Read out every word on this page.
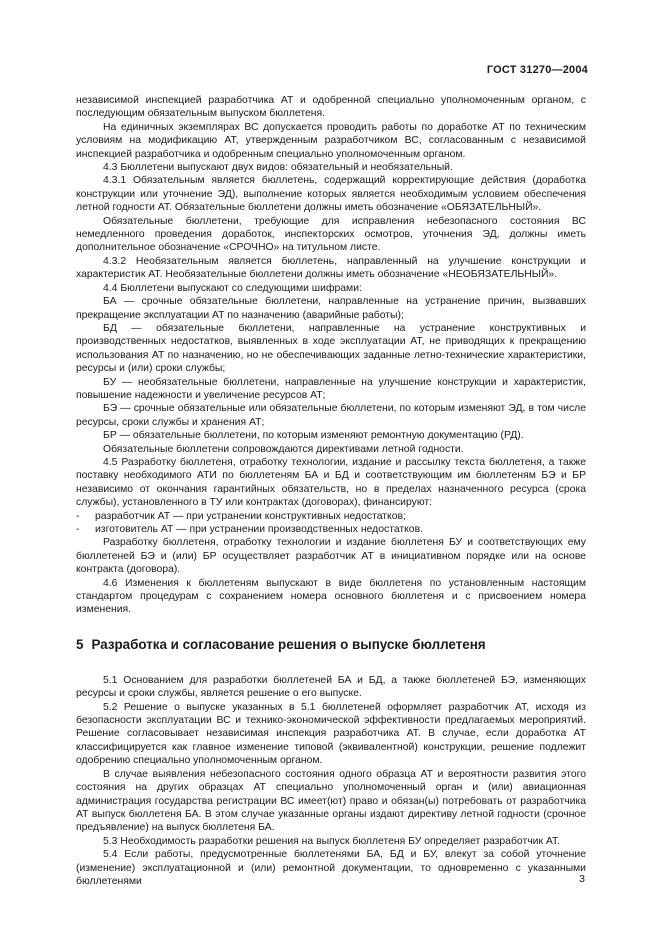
ГОСТ 31270—2004

независимой инспекцией разработчика АТ и одобренной специально уполномоченным органом, с последующим обязательным выпуском бюллетеня.

На единичных экземплярах ВС допускается проводить работы по доработке АТ по техническим условиям на модификацию АТ, утвержденным разработчиком ВС, согласованным с независимой инспекцией разработчика и одобренным специально уполномоченным органом.

4.3 Бюллетени выпускают двух видов: обязательный и необязательный.

4.3.1 Обязательным является бюллетень, содержащий корректирующие действия (доработка конструкции или уточнение ЭД), выполнение которых является необходимым условием обеспечения летной годности АТ. Обязательные бюллетени должны иметь обозначение «ОБЯЗАТЕЛЬНЫЙ».

Обязательные бюллетени, требующие для исправления небезопасного состояния ВС немедленного проведения доработок, инспекторских осмотров, уточнения ЭД, должны иметь дополнительное обозначение «СРОЧНО» на титульном листе.

4.3.2 Необязательным является бюллетень, направленный на улучшение конструкции и характеристик АТ. Необязательные бюллетени должны иметь обозначение «НЕОБЯЗАТЕЛЬНЫЙ».

4.4 Бюллетени выпускают со следующими шифрами:

БА — срочные обязательные бюллетени, направленные на устранение причин, вызвавших прекращение эксплуатации АТ по назначению (аварийные работы);

БД — обязательные бюллетени, направленные на устранение конструктивных и производственных недостатков, выявленных в ходе эксплуатации АТ, не приводящих к прекращению использования АТ по назначению, но не обеспечивающих заданные летно-технические характеристики, ресурсы и (или) сроки службы;

БУ — необязательные бюллетени, направленные на улучшение конструкции и характеристик, повышение надежности и увеличение ресурсов АТ;

БЭ — срочные обязательные или обязательные бюллетени, по которым изменяют ЭД, в том числе ресурсы, сроки службы и хранения АТ;

БР — обязательные бюллетени, по которым изменяют ремонтную документацию (РД).

Обязательные бюллетени сопровождаются директивами летной годности.

4.5 Разработку бюллетеня, отработку технологии, издание и рассылку текста бюллетеня, а также поставку необходимого АТИ по бюллетеням БА и БД и соответствующим им бюллетеням БЭ и БР независимо от окончания гарантийных обязательств, но в пределах назначенного ресурса (срока службы), установленного в ТУ или контрактах (договорах), финансируют:

- разработчик АТ — при устранении конструктивных недостатков;
- изготовитель АТ — при устранении производственных недостатков.

Разработку бюллетеня, отработку технологии и издание бюллетеня БУ и соответствующих ему бюллетеней БЭ и (или) БР осуществляет разработчик АТ в инициативном порядке или на основе контракта (договора).

4.6 Изменения к бюллетеням выпускают в виде бюллетеня по установленным настоящим стандартом процедурам с сохранением номера основного бюллетеня и с присвоением номера изменения.

5 Разработка и согласование решения о выпуске бюллетеня

5.1 Основанием для разработки бюллетеней БА и БД, а также бюллетеней БЭ, изменяющих ресурсы и сроки службы, является решение о его выпуске.

5.2 Решение о выпуске указанных в 5.1 бюллетеней оформляет разработчик АТ, исходя из безопасности эксплуатации ВС и технико-экономической эффективности предлагаемых мероприятий. Решение согласовывает независимая инспекция разработчика АТ. В случае, если доработка АТ классифицируется как главное изменение типовой (эквивалентной) конструкции, решение подлежит одобрению специально уполномоченным органом.

В случае выявления небезопасного состояния одного образца АТ и вероятности развития этого состояния на других образцах АТ специально уполномоченный орган и (или) авиационная администрация государства регистрации ВС имеет(ют) право и обязан(ы) потребовать от разработчика АТ выпуск бюллетеня БА. В этом случае указанные органы издают директиву летной годности (срочное предъявление) на выпуск бюллетеня БА.

5.3 Необходимость разработки решения на выпуск бюллетеня БУ определяет разработчик АТ.

5.4 Если работы, предусмотренные бюллетенями БА, БД и БУ, влекут за собой уточнение (изменение) эксплуатационной и (или) ремонтной документации, то одновременно с указанными бюллетенями	3
